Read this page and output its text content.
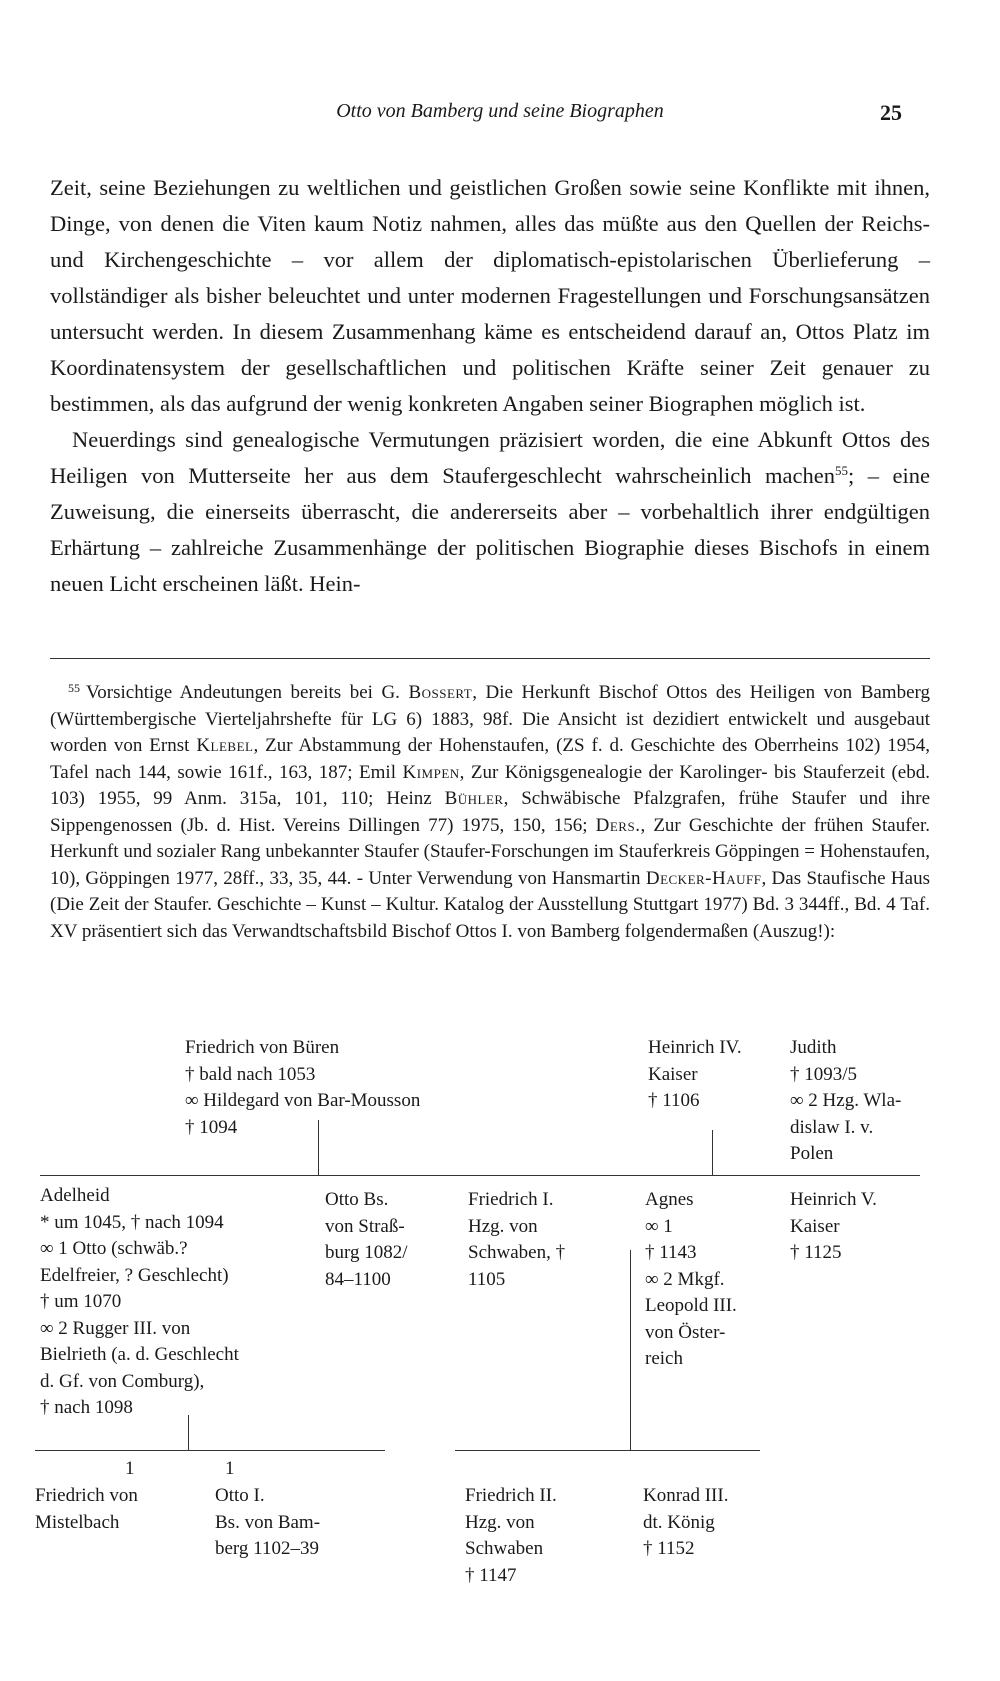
Otto von Bamberg und seine Biographen	25

Zeit, seine Beziehungen zu weltlichen und geistlichen Großen sowie seine Konflikte mit ihnen, Dinge, von denen die Viten kaum Notiz nahmen, alles das müßte aus den Quellen der Reichs- und Kirchengeschichte – vor allem der diplomatisch-epistolarischen Überlieferung – vollständiger als bisher beleuchtet und unter modernen Fragestellungen und Forschungsansätzen untersucht werden. In diesem Zusammenhang käme es entscheidend darauf an, Ottos Platz im Koordinatensystem der gesellschaftlichen und politischen Kräfte seiner Zeit genauer zu bestimmen, als das aufgrund der wenig konkreten Angaben seiner Biographen möglich ist.

Neuerdings sind genealogische Vermutungen präzisiert worden, die eine Abkunft Ottos des Heiligen von Mutterseite her aus dem Staufergeschlecht wahrscheinlich machen$^{55}$; – eine Zuweisung, die einerseits überrascht, die andererseits aber – vorbehaltlich ihrer endgültigen Erhärtung – zahlreiche Zusammenhänge der politischen Biographie dieses Bischofs in einem neuen Licht erscheinen läßt. Hein-

$^{55}$ Vorsichtige Andeutungen bereits bei G. Bossert, Die Herkunft Bischof Ottos des Heiligen von Bamberg (Württembergische Vierteljahrshefte für LG 6) 1883, 98f. Die Ansicht ist dezidiert entwickelt und ausgebaut worden von Ernst Klebel, Zur Abstammung der Hohenstaufen, (ZS f. d. Geschichte des Oberrheins 102) 1954, Tafel nach 144, sowie 161f., 163, 187; Emil Kimpen, Zur Königsgenealogie der Karolinger- bis Stauferzeit (ebd. 103) 1955, 99 Anm. 315a, 101, 110; Heinz Bühler, Schwäbische Pfalzgrafen, frühe Staufer und ihre Sippengenossen (Jb. d. Hist. Vereins Dillingen 77) 1975, 150, 156; Ders., Zur Geschichte der frühen Staufer. Herkunft und sozialer Rang unbekannter Staufer (Staufer-Forschungen im Stauferkreis Göppingen = Hohenstaufen, 10), Göppingen 1977, 28ff., 33, 35, 44. - Unter Verwendung von Hansmartin Decker-Hauff, Das Staufische Haus (Die Zeit der Staufer. Geschichte – Kunst – Kultur. Katalog der Ausstellung Stuttgart 1977) Bd. 3 344ff., Bd. 4 Taf. XV präsentiert sich das Verwandtschaftsbild Bischof Ottos I. von Bamberg folgendermaßen (Auszug!):

Friedrich von Büren
† bald nach 1053
∞ Hildegard von Bar-Mousson
† 1094
Heinrich IV.
Kaiser
† 1106
Judith
† 1093/5
∞ 2 Hzg. Wla-
dislaw I. v.
Polen
Adelheid
* um 1045, † nach 1094
∞ 1 Otto (schwäb.?
Edelfreier, ? Geschlecht)
† um 1070
∞ 2 Rugger III. von
Bielrieth (a. d. Geschlecht
d. Gf. von Comburg),
† nach 1098
Otto Bs.
von Straß-
burg 1082/
84–1100
Friedrich I.
Hzg. von
Schwaben, †
1105
Agnes
∞ 1
† 1143
∞ 2 Mkgf.
Leopold III.
von Öster-
reich
Heinrich V.
Kaiser
† 1125
1	1
Friedrich von
Mistelbach
Otto I.
Bs. von Bam-
berg 1102–39
Friedrich II.
Hzg. von
Schwaben
† 1147
Konrad III.
dt. König
† 1152
